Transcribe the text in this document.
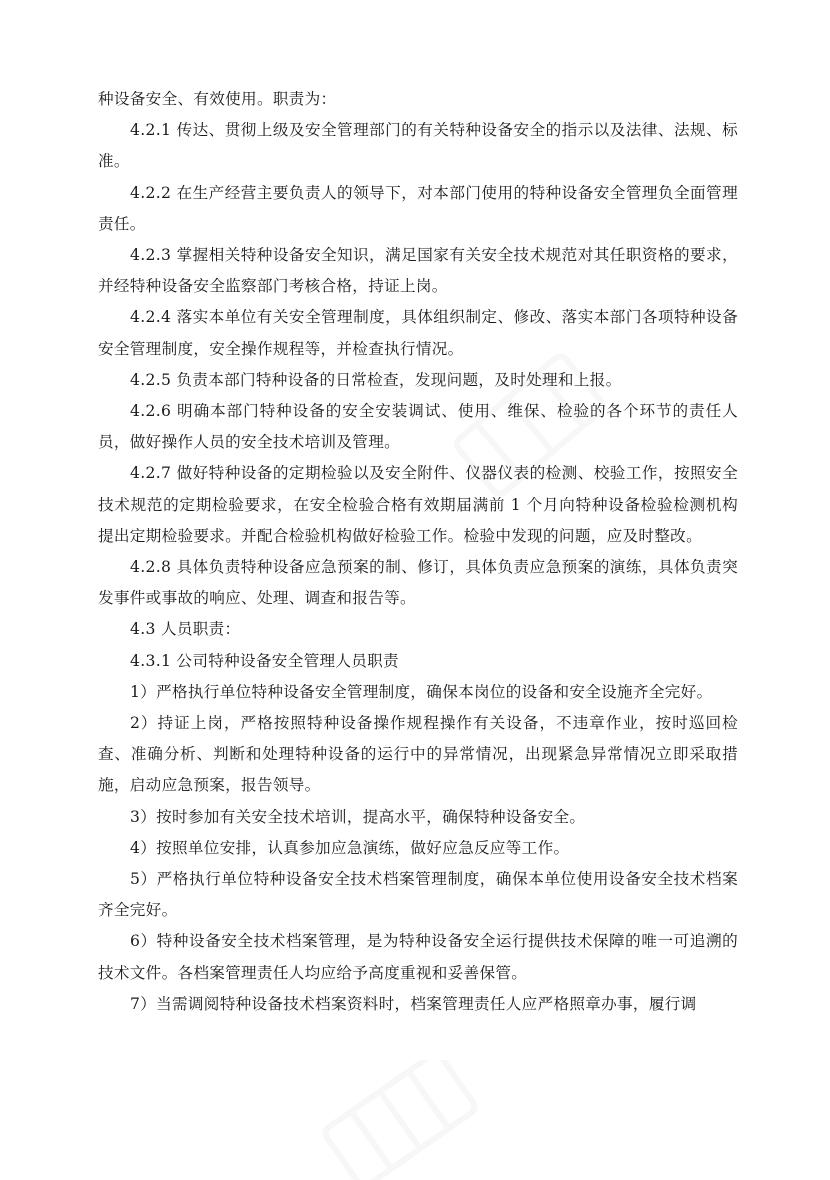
种设备安全、有效使用。职责为：

4.2.1 传达、贯彻上级及安全管理部门的有关特种设备安全的指示以及法律、法规、标准。

4.2.2 在生产经营主要负责人的领导下，对本部门使用的特种设备安全管理负全面管理责任。

4.2.3 掌握相关特种设备安全知识，满足国家有关安全技术规范对其任职资格的要求，并经特种设备安全监察部门考核合格，持证上岗。

4.2.4 落实本单位有关安全管理制度，具体组织制定、修改、落实本部门各项特种设备安全管理制度，安全操作规程等，并检查执行情况。

4.2.5 负责本部门特种设备的日常检查，发现问题，及时处理和上报。

4.2.6 明确本部门特种设备的安全安装调试、使用、维保、检验的各个环节的责任人员，做好操作人员的安全技术培训及管理。

4.2.7 做好特种设备的定期检验以及安全附件、仪器仪表的检测、校验工作，按照安全技术规范的定期检验要求，在安全检验合格有效期届满前 1 个月向特种设备检验检测机构提出定期检验要求。并配合检验机构做好检验工作。检验中发现的问题，应及时整改。

4.2.8 具体负责特种设备应急预案的制、修订，具体负责应急预案的演练，具体负责突发事件或事故的响应、处理、调查和报告等。

4.3 人员职责：

4.3.1 公司特种设备安全管理人员职责

1）严格执行单位特种设备安全管理制度，确保本岗位的设备和安全设施齐全完好。

2）持证上岗，严格按照特种设备操作规程操作有关设备，不违章作业，按时巡回检查、准确分析、判断和处理特种设备的运行中的异常情况，出现紧急异常情况立即采取措施，启动应急预案，报告领导。

3）按时参加有关安全技术培训，提高水平，确保特种设备安全。

4）按照单位安排，认真参加应急演练，做好应急反应等工作。

5）严格执行单位特种设备安全技术档案管理制度，确保本单位使用设备安全技术档案齐全完好。

6）特种设备安全技术档案管理，是为特种设备安全运行提供技术保障的唯一可追溯的技术文件。各档案管理责任人均应给予高度重视和妥善保管。

7）当需调阅特种设备技术档案资料时，档案管理责任人应严格照章办事，履行调
